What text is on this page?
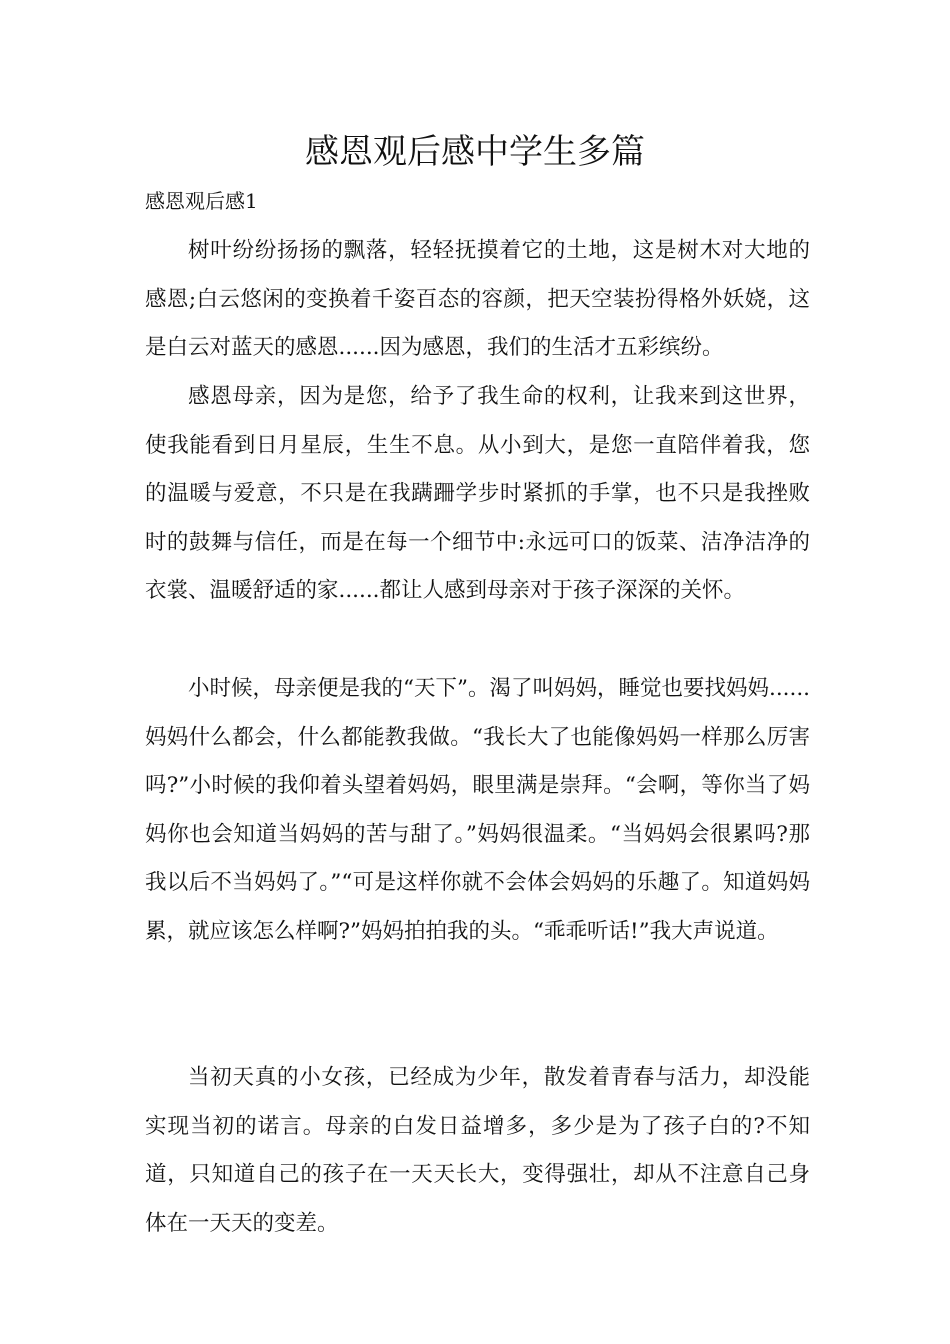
感恩观后感中学生多篇
感恩观后感1

树叶纷纷扬扬的飘落，轻轻抚摸着它的土地，这是树木对大地的感恩;白云悠闲的变换着千姿百态的容颜，把天空装扮得格外妖娆，这是白云对蓝天的感恩......因为感恩，我们的生活才五彩缤纷。

感恩母亲，因为是您，给予了我生命的权利，让我来到这世界，使我能看到日月星辰，生生不息。从小到大，是您一直陪伴着我，您的温暖与爱意，不只是在我蹒跚学步时紧抓的手掌，也不只是我挫败时的鼓舞与信任，而是在每一个细节中:永远可口的饭菜、洁净洁净的衣裳、温暖舒适的家......都让人感到母亲对于孩子深深的关怀。

小时候，母亲便是我的“天下”。渴了叫妈妈，睡觉也要找妈妈......妈妈什么都会，什么都能教我做。“我长大了也能像妈妈一样那么厉害吗?”小时候的我仰着头望着妈妈，眼里满是崇拜。“会啊，等你当了妈妈你也会知道当妈妈的苦与甜了。”妈妈很温柔。“当妈妈会很累吗?那我以后不当妈妈了。”“可是这样你就不会体会妈妈的乐趣了。知道妈妈累，就应该怎么样啊?”妈妈拍拍我的头。“乖乖听话!”我大声说道。

当初天真的小女孩，已经成为少年，散发着青春与活力，却没能实现当初的诺言。母亲的白发日益增多，多少是为了孩子白的?不知道，只知道自己的孩子在一天天长大，变得强壮，却从不注意自己身体在一天天的变差。
